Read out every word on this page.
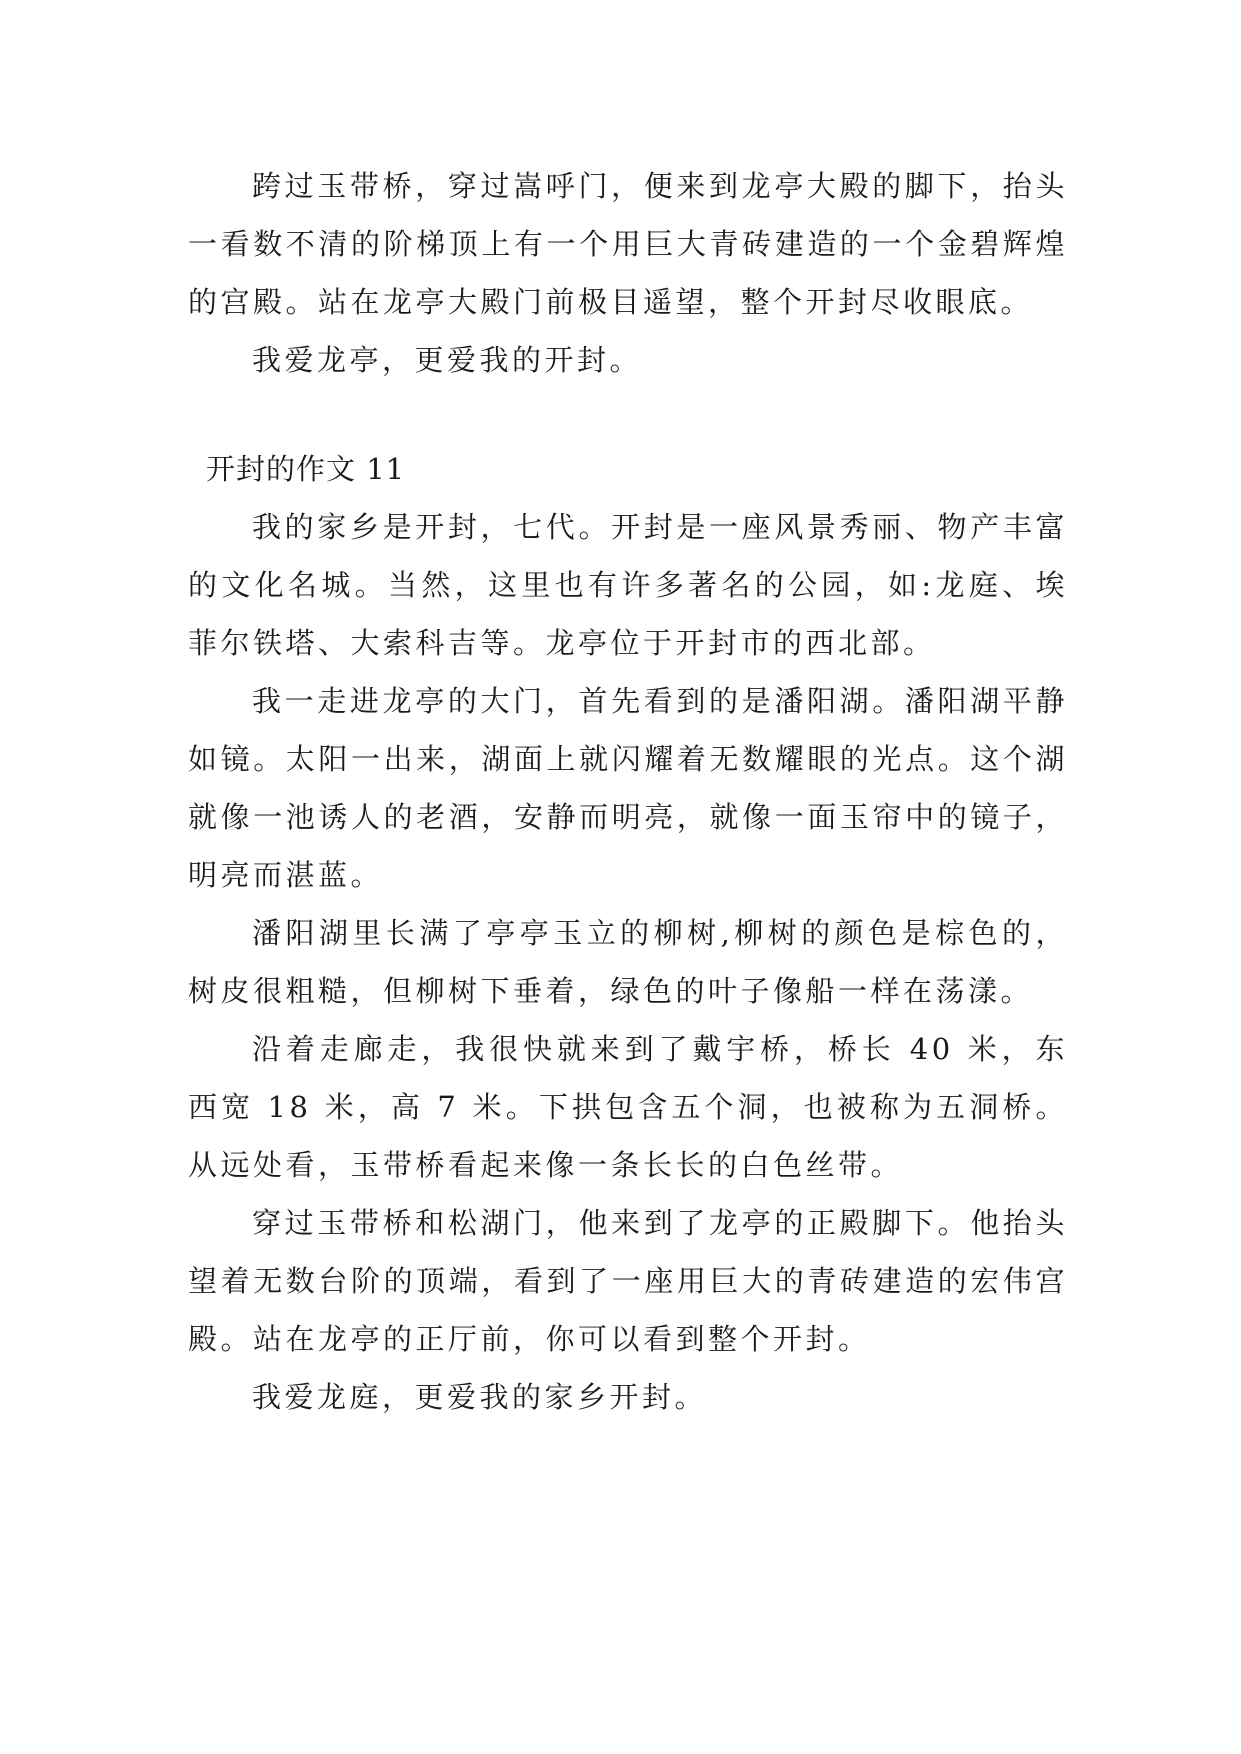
跨过玉带桥，穿过嵩呼门，便来到龙亭大殿的脚下，抬头一看数不清的阶梯顶上有一个用巨大青砖建造的一个金碧辉煌的宫殿。站在龙亭大殿门前极目遥望，整个开封尽收眼底。

我爱龙亭，更爱我的开封。

开封的作文 11

我的家乡是开封，七代。开封是一座风景秀丽、物产丰富的文化名城。当然，这里也有许多著名的公园，如:龙庭、埃菲尔铁塔、大索科吉等。龙亭位于开封市的西北部。

我一走进龙亭的大门，首先看到的是潘阳湖。潘阳湖平静如镜。太阳一出来，湖面上就闪耀着无数耀眼的光点。这个湖就像一池诱人的老酒，安静而明亮，就像一面玉帘中的镜子，明亮而湛蓝。

潘阳湖里长满了亭亭玉立的柳树,柳树的颜色是棕色的，树皮很粗糙，但柳树下垂着，绿色的叶子像船一样在荡漾。

沿着走廊走，我很快就来到了戴宇桥，桥长 40 米，东西宽 18 米，高 7 米。下拱包含五个洞，也被称为五洞桥。从远处看，玉带桥看起来像一条长长的白色丝带。

穿过玉带桥和松湖门，他来到了龙亭的正殿脚下。他抬头望着无数台阶的顶端，看到了一座用巨大的青砖建造的宏伟宫殿。站在龙亭的正厅前，你可以看到整个开封。

我爱龙庭，更爱我的家乡开封。
